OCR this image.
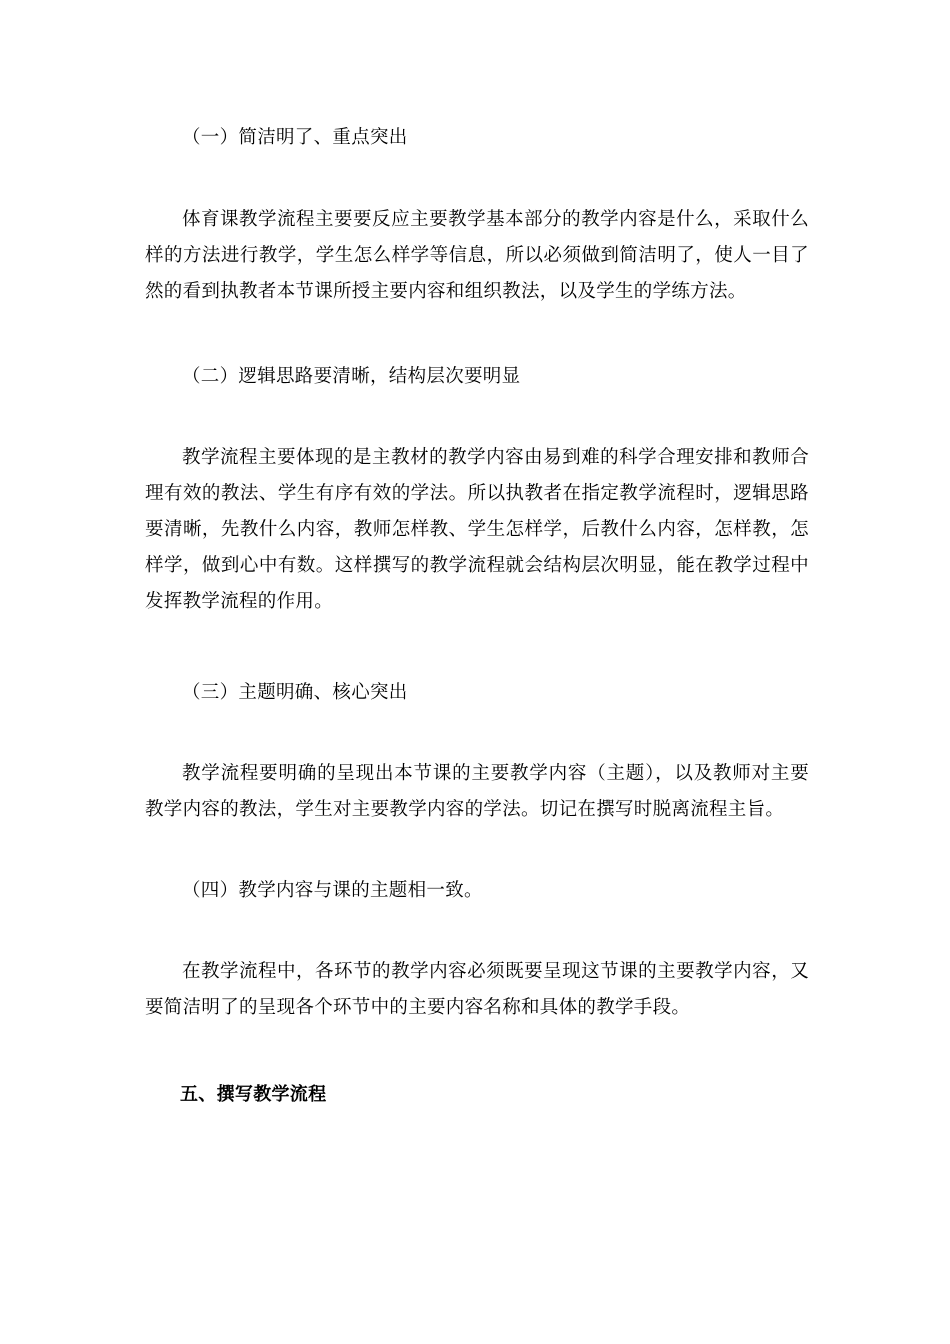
（一）简洁明了、重点突出

体育课教学流程主要要反应主要教学基本部分的教学内容是什么，采取什么样的方法进行教学，学生怎么样学等信息，所以必须做到简洁明了，使人一目了然的看到执教者本节课所授主要内容和组织教法，以及学生的学练方法。

（二）逻辑思路要清晰，结构层次要明显

教学流程主要体现的是主教材的教学内容由易到难的科学合理安排和教师合理有效的教法、学生有序有效的学法。所以执教者在指定教学流程时，逻辑思路要清晰，先教什么内容，教师怎样教、学生怎样学，后教什么内容，怎样教，怎样学，做到心中有数。这样撰写的教学流程就会结构层次明显，能在教学过程中发挥教学流程的作用。

（三）主题明确、核心突出

教学流程要明确的呈现出本节课的主要教学内容（主题），以及教师对主要教学内容的教法，学生对主要教学内容的学法。切记在撰写时脱离流程主旨。

（四）教学内容与课的主题相一致。

在教学流程中，各环节的教学内容必须既要呈现这节课的主要教学内容，又要简洁明了的呈现各个环节中的主要内容名称和具体的教学手段。

五、撰写教学流程
